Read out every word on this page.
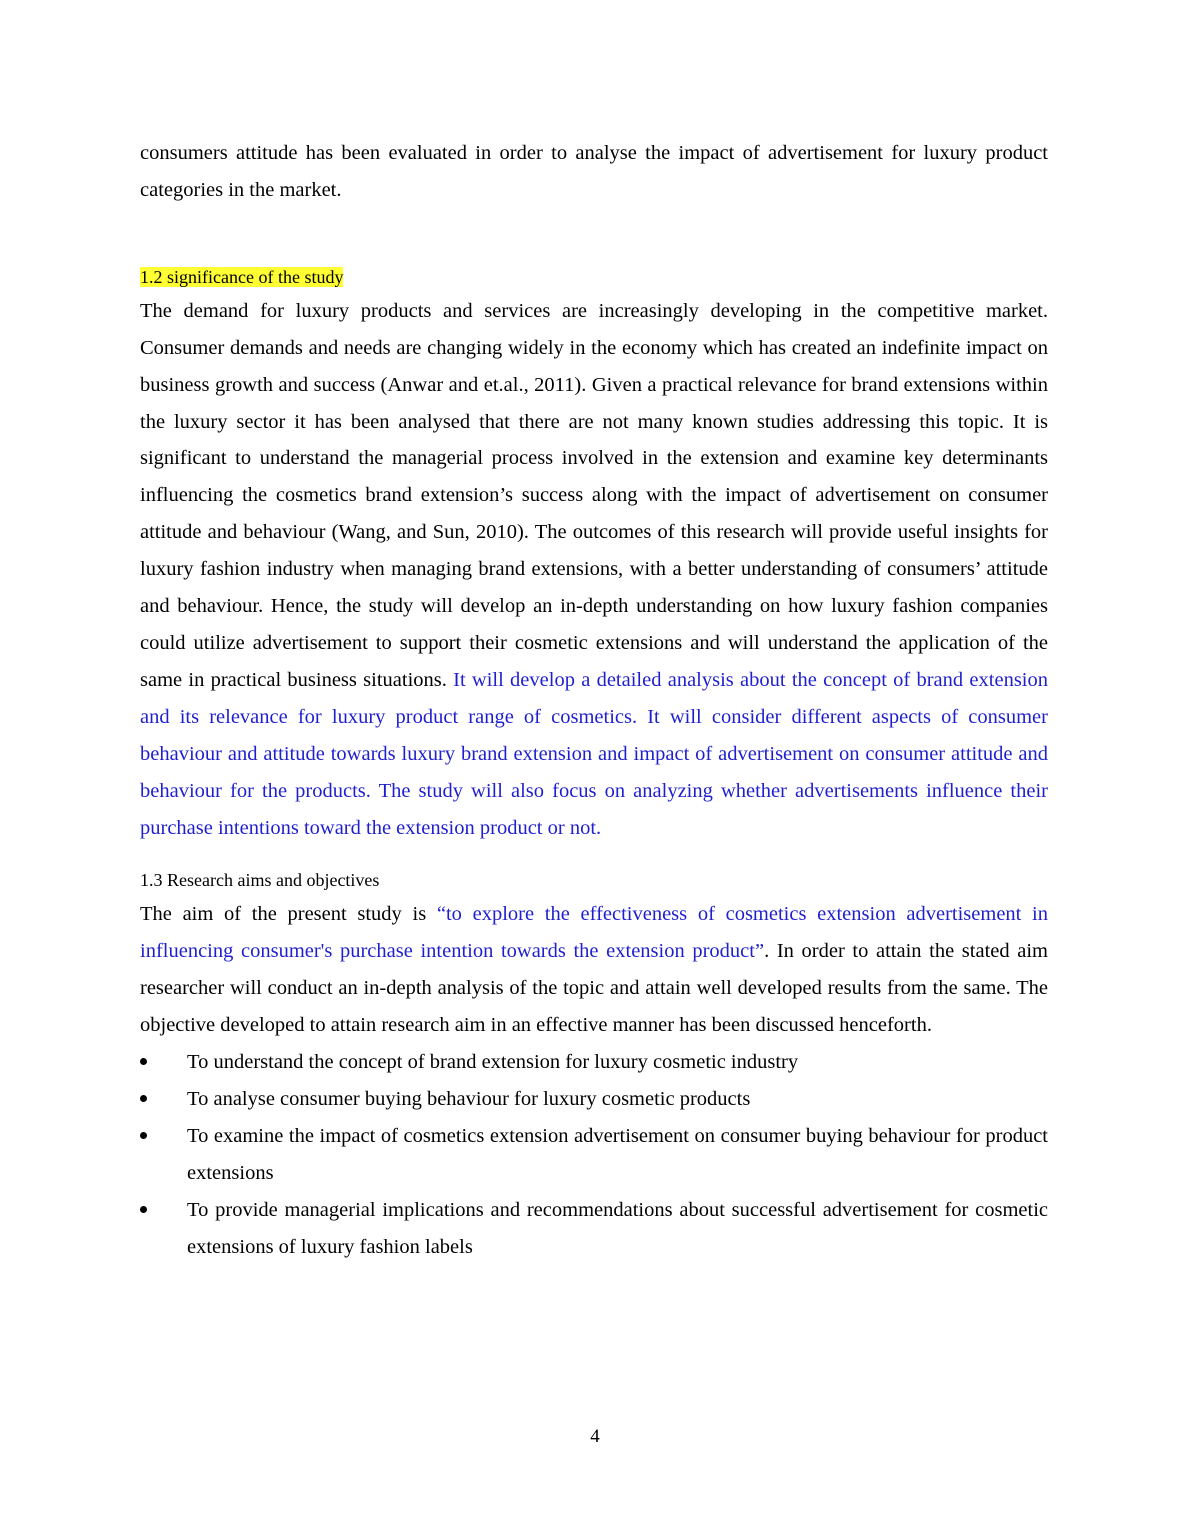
consumers attitude has been evaluated in order to analyse the impact of advertisement for luxury product categories in the market.

1.2 significance of the study

The demand for luxury products and services are increasingly developing in the competitive market. Consumer demands and needs are changing widely in the economy which has created an indefinite impact on business growth and success (Anwar and et.al., 2011). Given a practical relevance for brand extensions within the luxury sector it has been analysed that there are not many known studies addressing this topic. It is significant to understand the managerial process involved in the extension and examine key determinants influencing the cosmetics brand extension’s success along with the impact of advertisement on consumer attitude and behaviour (Wang, and Sun, 2010). The outcomes of this research will provide useful insights for luxury fashion industry when managing brand extensions, with a better understanding of consumers’ attitude and behaviour. Hence, the study will develop an in-depth understanding on how luxury fashion companies could utilize advertisement to support their cosmetic extensions and will understand the application of the same in practical business situations. It will develop a detailed analysis about the concept of brand extension and its relevance for luxury product range of cosmetics. It will consider different aspects of consumer behaviour and attitude towards luxury brand extension and impact of advertisement on consumer attitude and behaviour for the products. The study will also focus on analyzing whether advertisements influence their purchase intentions toward the extension product or not.

1.3 Research aims and objectives

The aim of the present study is “to explore the effectiveness of cosmetics extension advertisement in influencing consumer's purchase intention towards the extension product”. In order to attain the stated aim researcher will conduct an in-depth analysis of the topic and attain well developed results from the same. The objective developed to attain research aim in an effective manner has been discussed henceforth.

To understand the concept of brand extension for luxury cosmetic industry
To analyse consumer buying behaviour for luxury cosmetic products
To examine the impact of cosmetics extension advertisement on consumer buying behaviour for product extensions
To provide managerial implications and recommendations about successful advertisement for cosmetic extensions of luxury fashion labels
4
